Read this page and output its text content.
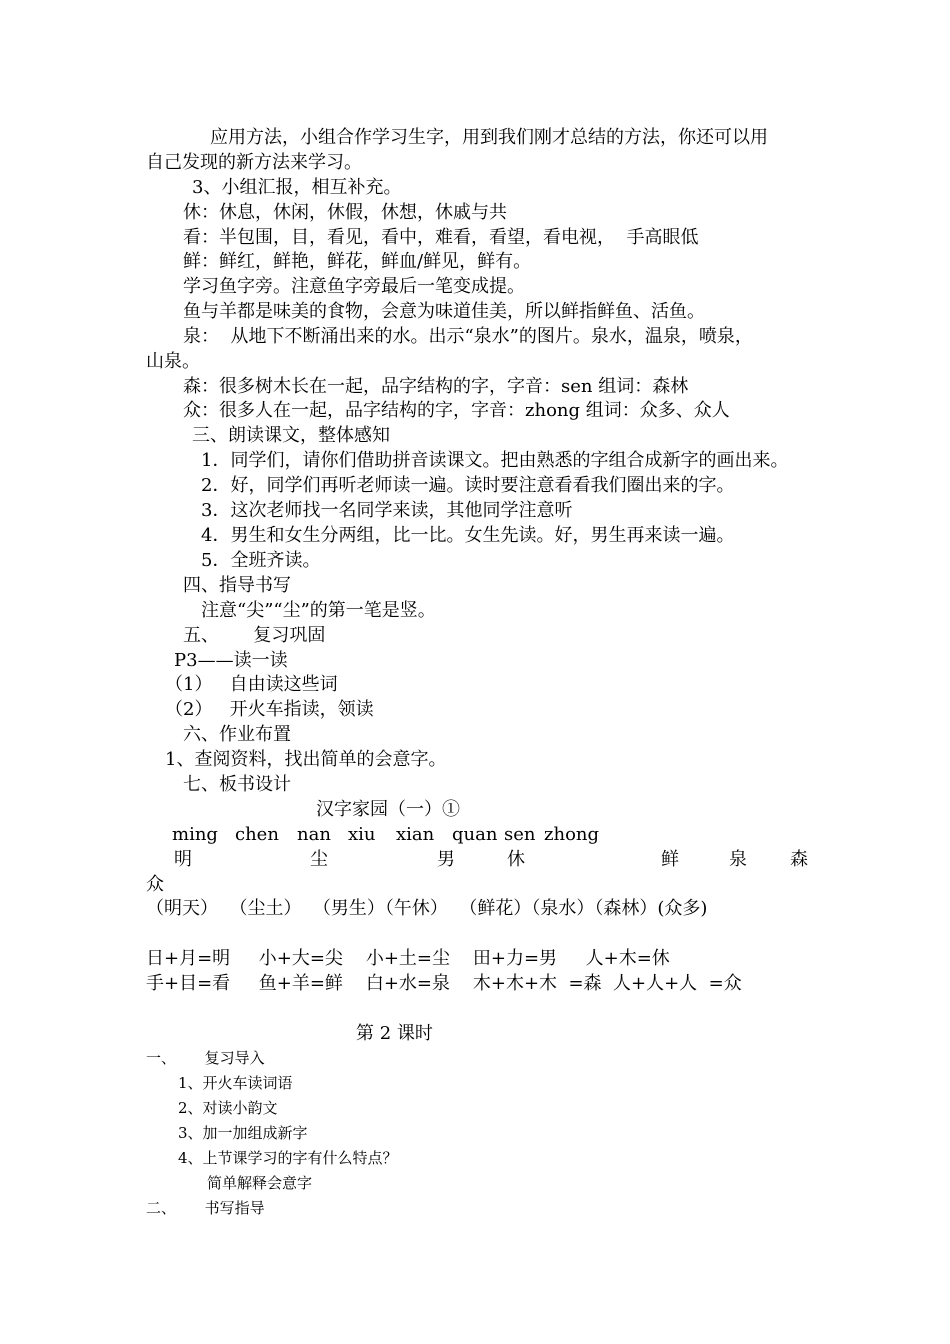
应用方法，小组合作学习生字，用到我们刚才总结的方法，你还可以用
自己发现的新方法来学习。
3、小组汇报，相互补充。
休：休息，休闲，休假，休想，休戚与共
看：半包围，目，看见，看中，难看，看望，看电视，  手高眼低
鲜：鲜红，鲜艳，鲜花，鲜血/鲜见，鲜有。
学习鱼字旁。注意鱼字旁最后一笔变成提。
鱼与羊都是味美的食物，会意为味道佳美，所以鲜指鲜鱼、活鱼。
泉：  从地下不断涌出来的水。出示“泉水”的图片。泉水，温泉，喷泉，
山泉。
森：很多树木长在一起，品字结构的字，字音：sen 组词：森林
众：很多人在一起，品字结构的字，字音：zhong 组词：众多、众人
三、朗读课文，整体感知
1．同学们，请你们借助拼音读课文。把由熟悉的字组合成新字的画出来。
2．好，同学们再听老师读一遍。读时要注意看看我们圈出来的字。
3．这次老师找一名同学来读，其他同学注意听
4．男生和女生分两组，比一比。女生先读。好，男生再来读一遍。
5．全班齐读。
四、指导书写
注意“尖”“尘”的第一笔是竖。
五、      复习巩固
P3——读一读
（1）   自由读这些词
（2）   开火车指读，领读
六、作业布置
1、查阅资料，找出简单的会意字。
七、板书设计
汉字家园（一）①
ming chen nan xiu xian quan sen zhong
明	尘	男	休	鲜	泉 森
众
（明天）  （尘土）  （男生）（午休）  （鲜花）（泉水）（森林）(众多)
日+月=明     小+大=尖    小+土=尘    田+力=男     人+木=休
手+目=看     鱼+羊=鲜    白+水=泉    木+木+木  =森  人+人+人  =众
第 2 课时
一、      复习导入
1、开火车读词语
2、对读小韵文
3、加一加组成新字
4、上节课学习的字有什么特点？
简单解释会意字
二、      书写指导
